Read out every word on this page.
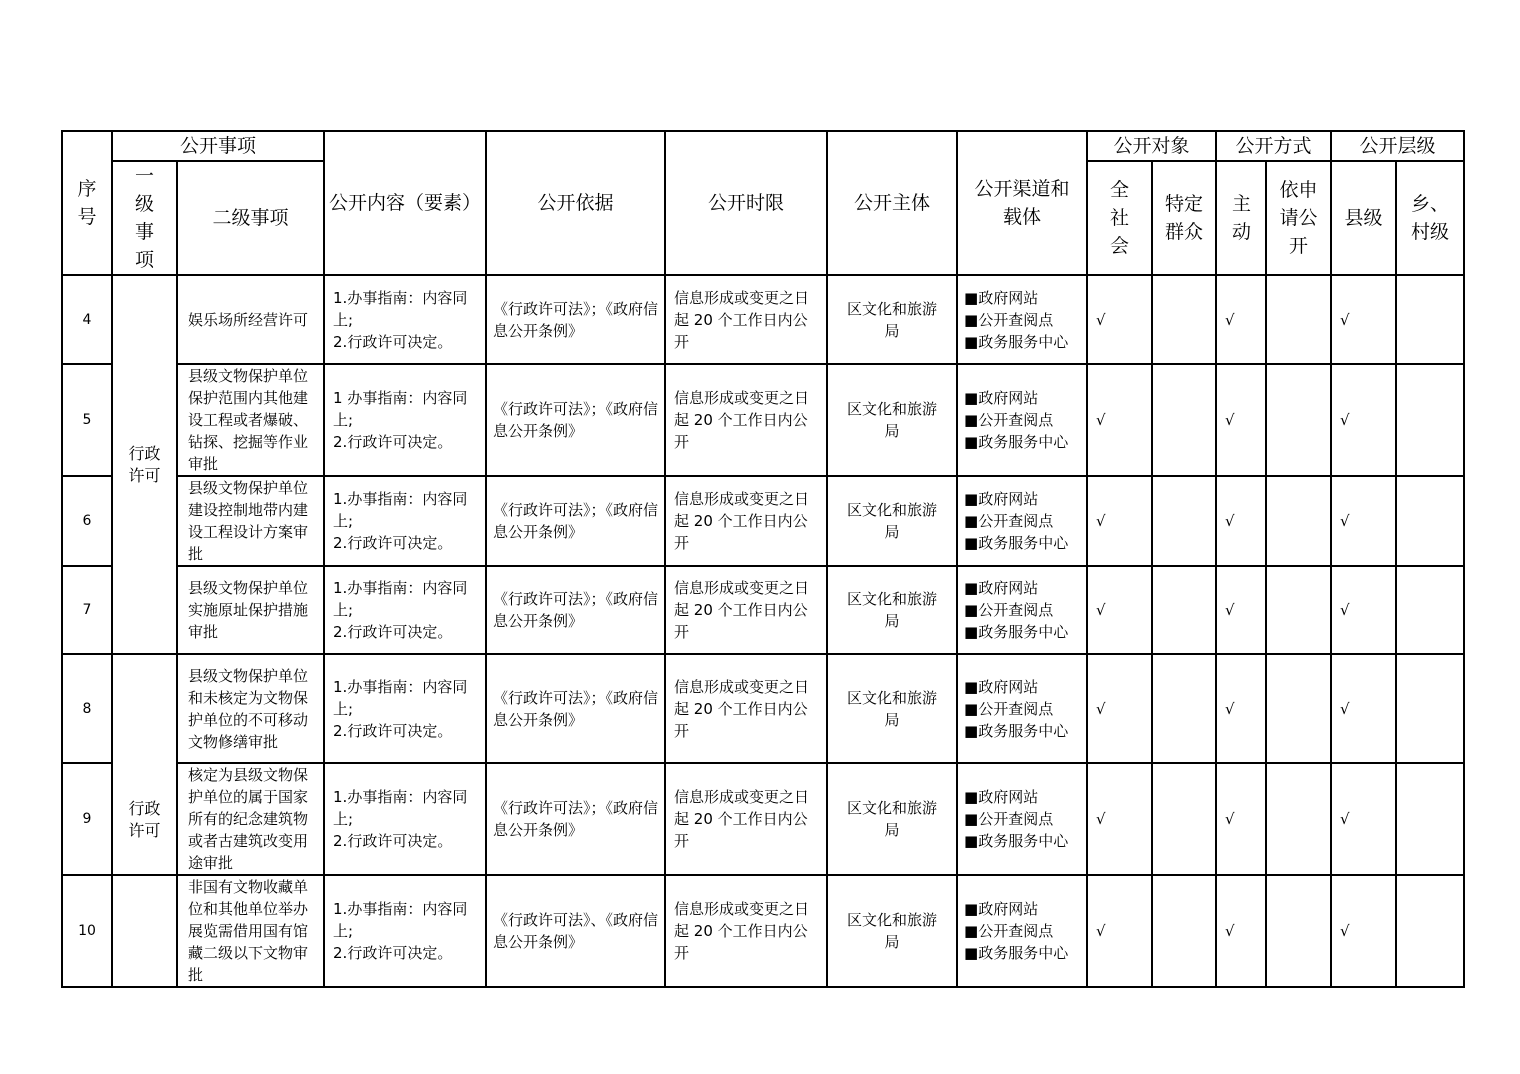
序号	公开事项		公开内容（要素）	公开依据	公开时限	公开主体	公开渠道和载体	公开对象		公开方式		公开层级	
	一级事项	二级事项						全社会	特定群众	主动	依申请公开	县级	乡、村级
4	行政许可	娱乐场所经营许可	1.办事指南：内容同上;
2.行政许可决定。	《行政许可法》；《政府信息公开条例》	信息形成或变更之日起 20 个工作日内公开	区文化和旅游局	■政府网站
■公开查阅点
■政务服务中心	√		√		√	
5		县级文物保护单位保护范围内其他建设工程或者爆破、钻探、挖掘等作业审批	1 办事指南：内容同上;
2.行政许可决定。	《行政许可法》；《政府信息公开条例》	信息形成或变更之日起 20 个工作日内公开	区文化和旅游局	■政府网站
■公开查阅点
■政务服务中心	√		√		√	
6		县级文物保护单位建设控制地带内建设工程设计方案审批	1.办事指南：内容同上;
2.行政许可决定。	《行政许可法》；《政府信息公开条例》	信息形成或变更之日起 20 个工作日内公开	区文化和旅游局	■政府网站
■公开查阅点
■政务服务中心	√		√		√	
7		县级文物保护单位实施原址保护措施审批	1.办事指南：内容同上;
2.行政许可决定。	《行政许可法》；《政府信息公开条例》	信息形成或变更之日起 20 个工作日内公开	区文化和旅游局	■政府网站
■公开查阅点
■政务服务中心	√		√		√	
8	行政许可	县级文物保护单位和未核定为文物保护单位的不可移动文物修缮审批	1.办事指南：内容同上;
2.行政许可决定。	《行政许可法》；《政府信息公开条例》	信息形成或变更之日起 20 个工作日内公开	区文化和旅游局	■政府网站
■公开查阅点
■政务服务中心	√		√		√	
9		核定为县级文物保护单位的属于国家所有的纪念建筑物或者古建筑改变用途审批	1.办事指南：内容同上;
2.行政许可决定。	《行政许可法》；《政府信息公开条例》	信息形成或变更之日起 20 个工作日内公开	区文化和旅游局	■政府网站
■公开查阅点
■政务服务中心	√		√		√	
10		非国有文物收藏单位和其他单位举办展览需借用国有馆藏二级以下文物审批	1.办事指南：内容同上;
2.行政许可决定。	《行政许可法》、《政府信息公开条例》	信息形成或变更之日起 20 个工作日内公开	区文化和旅游局	■政府网站
■公开查阅点
■政务服务中心	√		√		√	
